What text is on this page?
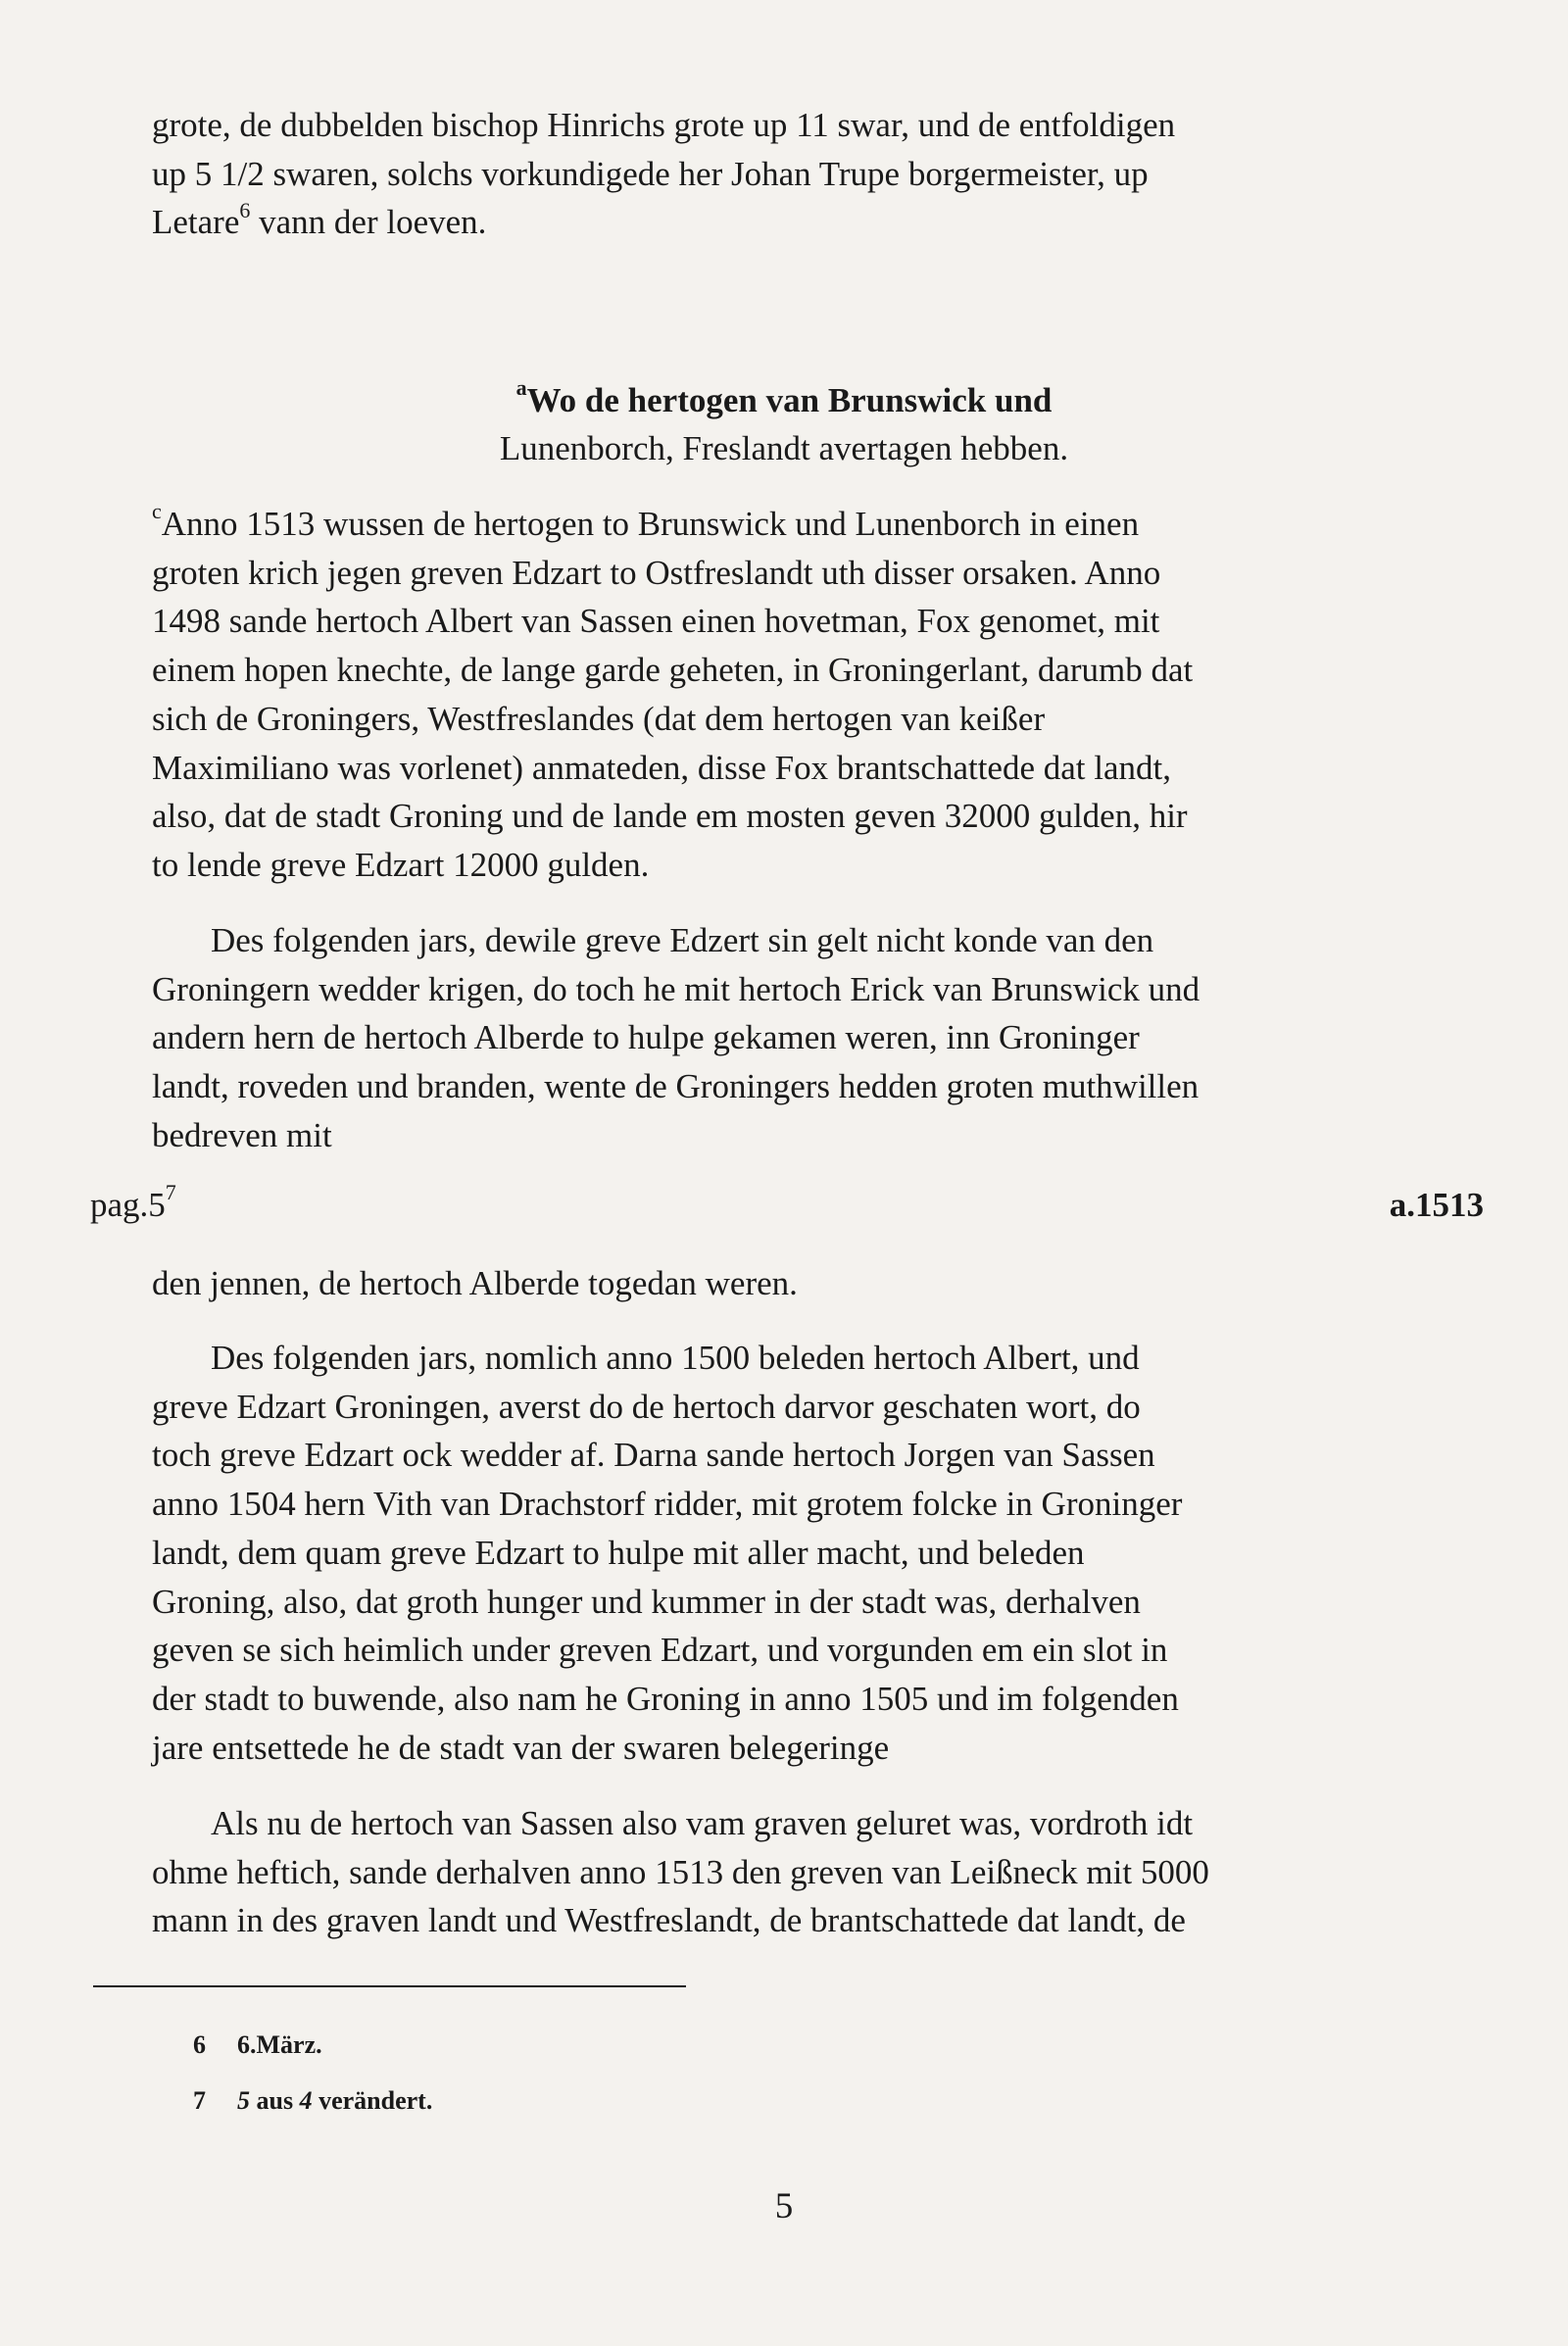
grote, de dubbelden bischop Hinrichs grote up 11 swar, und de entfoldigen
up 5 1/2 swaren, solchs vorkundigede her Johan Trupe borgermeister, up
Letare$^6$ vann der loeven.

$^a$Wo de hertogen van Brunswick und
Lunenborch, Freslandt avertagen hebben.

$^c$Anno 1513 wussen de hertogen to Brunswick und Lunenborch in einen
groten krich jegen greven Edzart to Ostfreslandt uth disser orsaken. Anno
1498 sande hertoch Albert van Sassen einen hovetman, Fox genomet, mit
einem hopen knechte, de lange garde geheten, in Groningerlant, darumb dat
sich de Groningers, Westfreslandes (dat dem hertogen van keißer
Maximiliano was vorlenet) anmateden, disse Fox brantschattede dat landt,
also, dat de stadt Groning und de lande em mosten geven 32000 gulden, hir
to lende greve Edzart 12000 gulden.

Des folgenden jars, dewile greve Edzert sin gelt nicht konde van den
Groningern wedder krigen, do toch he mit hertoch Erick van Brunswick und
andern hern de hertoch Alberde to hulpe gekamen weren, inn Groninger
landt, roveden und branden, wente de Groningers hedden groten muthwillen
bedreven mit

$pag.5^7$	a.1513

den jennen, de hertoch Alberde togedan weren.

Des folgenden jars, nomlich anno 1500 beleden hertoch Albert, und
greve Edzart Groningen, averst do de hertoch darvor geschaten wort, do
toch greve Edzart ock wedder af. Darna sande hertoch Jorgen van Sassen
anno 1504 hern Vith van Drachstorf ridder, mit grotem folcke in Groninger
landt, dem quam greve Edzart to hulpe mit aller macht, und beleden
Groning, also, dat groth hunger und kummer in der stadt was, derhalven
geven se sich heimlich under greven Edzart, und vorgunden em ein slot in
der stadt to buwende, also nam he Groning in anno 1505 und im folgenden
jare entsettede he de stadt van der swaren belegeringe

Als nu de hertoch van Sassen also vam graven geluret was, vordroth idt
ohme heftich, sande derhalven anno 1513 den greven van Leißneck mit 5000
mann in des graven landt und Westfreslandt, de brantschattede dat landt, de

6 6.März.
7 5 aus 4 verändert.
5
